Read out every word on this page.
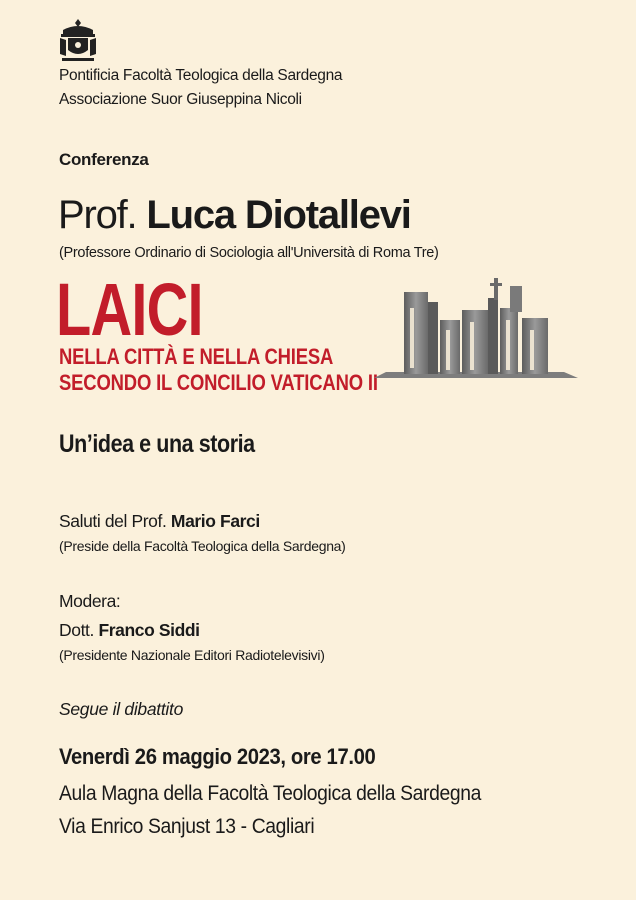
Pontificia Facoltà Teologica della Sardegna
Associazione Suor Giuseppina Nicoli
Conferenza
Prof. Luca Diotallevi
(Professore Ordinario di Sociologia all'Università di Roma Tre)
LAICI
NELLA CITTÀ E NELLA CHIESA
SECONDO IL CONCILIO VATICANO II
Un’idea e una storia
Saluti del Prof. Mario Farci
(Preside della Facoltà Teologica della Sardegna)
Modera:
Dott. Franco Siddi
(Presidente Nazionale Editori Radiotelevisivi)
Segue il dibattito
Venerdì 26 maggio 2023, ore 17.00
Aula Magna della Facoltà Teologica della Sardegna
Via Enrico Sanjust 13 - Cagliari
